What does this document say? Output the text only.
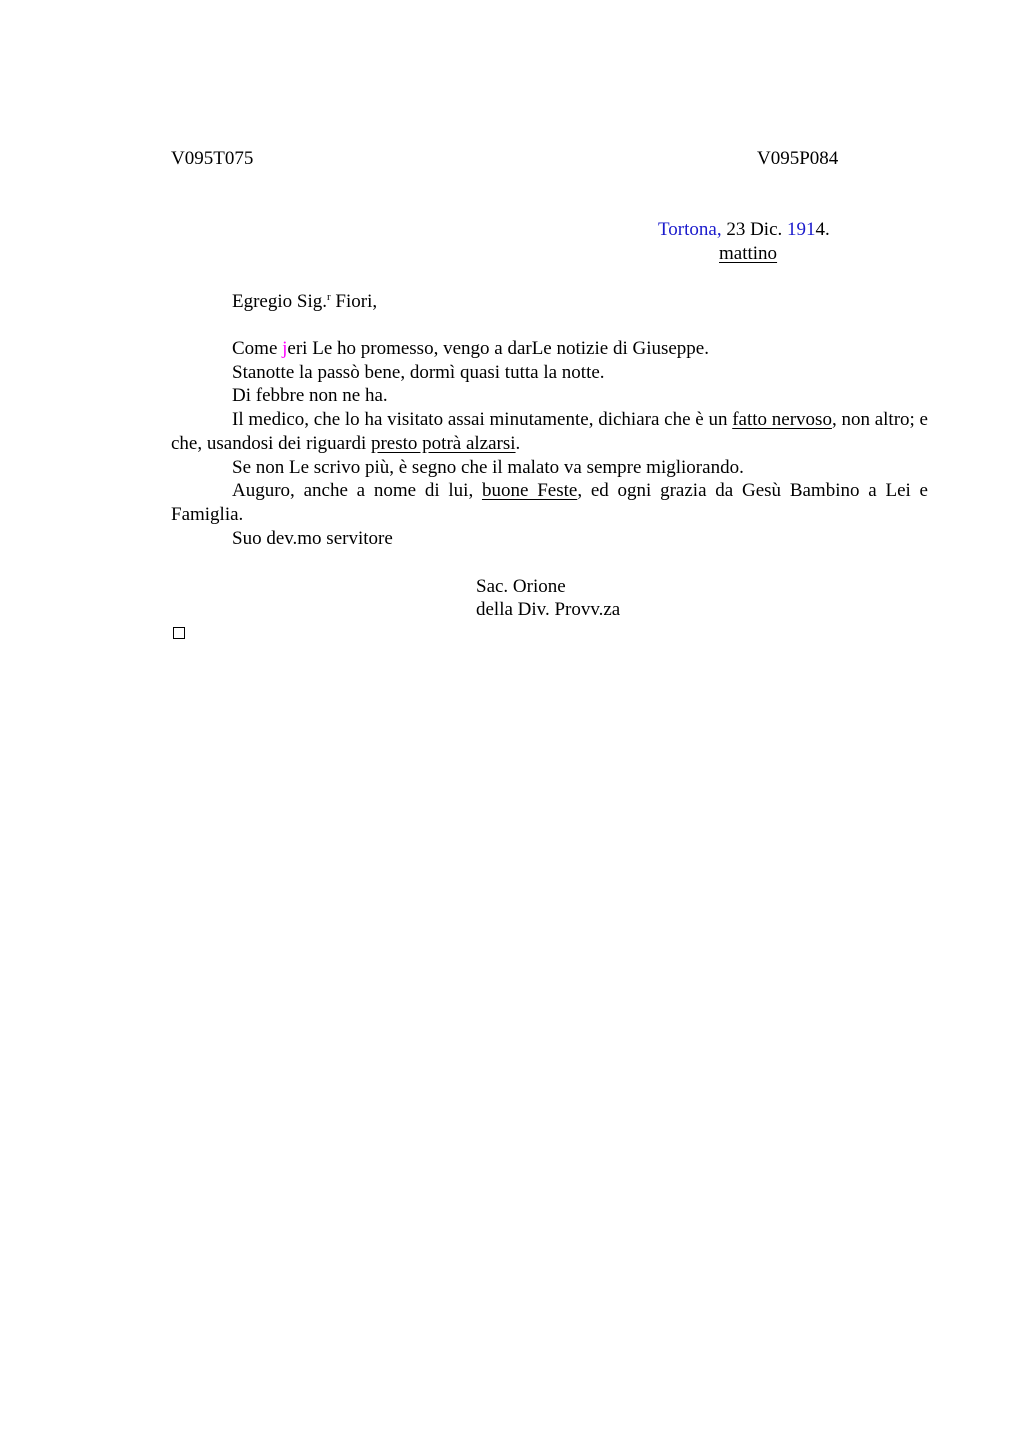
V095T075	V095P084
Tortona, 23 Dic. 1914.
mattino
Egregio Sig.$^r$ Fiori,
Come jeri Le ho promesso, vengo a darLe notizie di Giuseppe.
Stanotte la passò bene, dormì quasi tutta la notte.
Di febbre non ne ha.
Il medico, che lo ha visitato assai minutamente, dichiara che è un fatto nervoso, non altro; e che, usandosi dei riguardi presto potrà alzarsi.
Se non Le scrivo più, è segno che il malato va sempre migliorando.
Auguro, anche a nome di lui, buone Feste, ed ogni grazia da Gesù Bambino a Lei e Famiglia.
Suo dev.mo servitore
Sac. Orione
della Div. Provv.za
